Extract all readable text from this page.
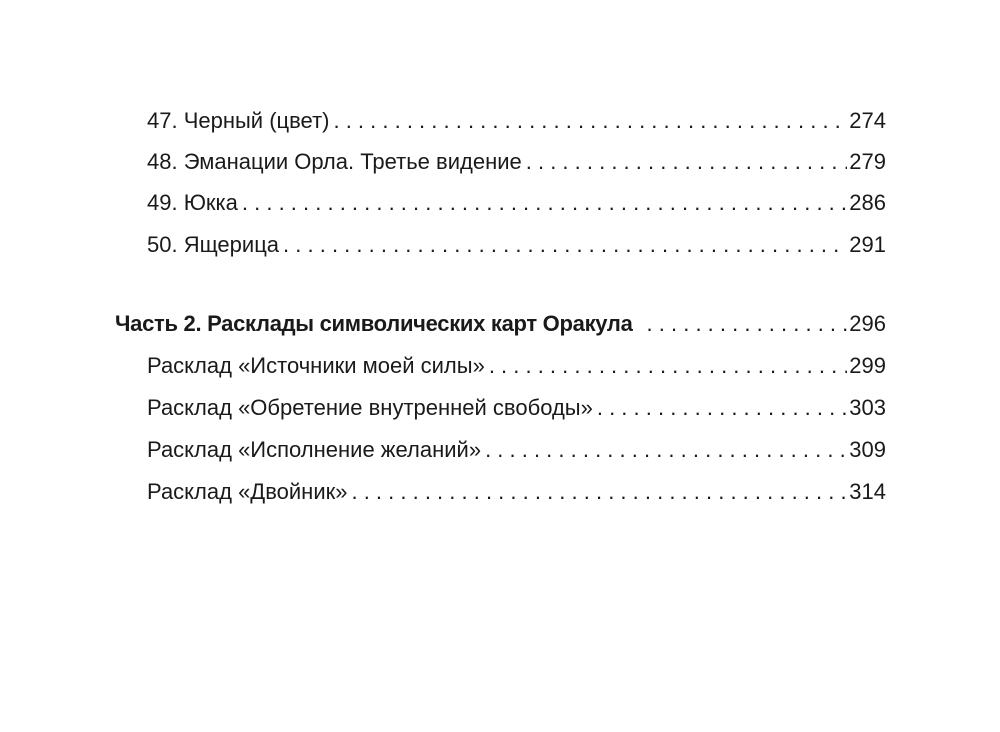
47. Черный (цвет) . . .	274
48. Эманации Орла. Третье видение . . .	279
49. Юкка . . .	286
50. Ящерица . . .	291
Часть 2. Расклады символических карт Оракула . . .	296
Расклад «Источники моей силы» . . .	299
Расклад «Обретение внутренней свободы» . . .	303
Расклад «Исполнение желаний» . . .	309
Расклад «Двойник» . . .	314
